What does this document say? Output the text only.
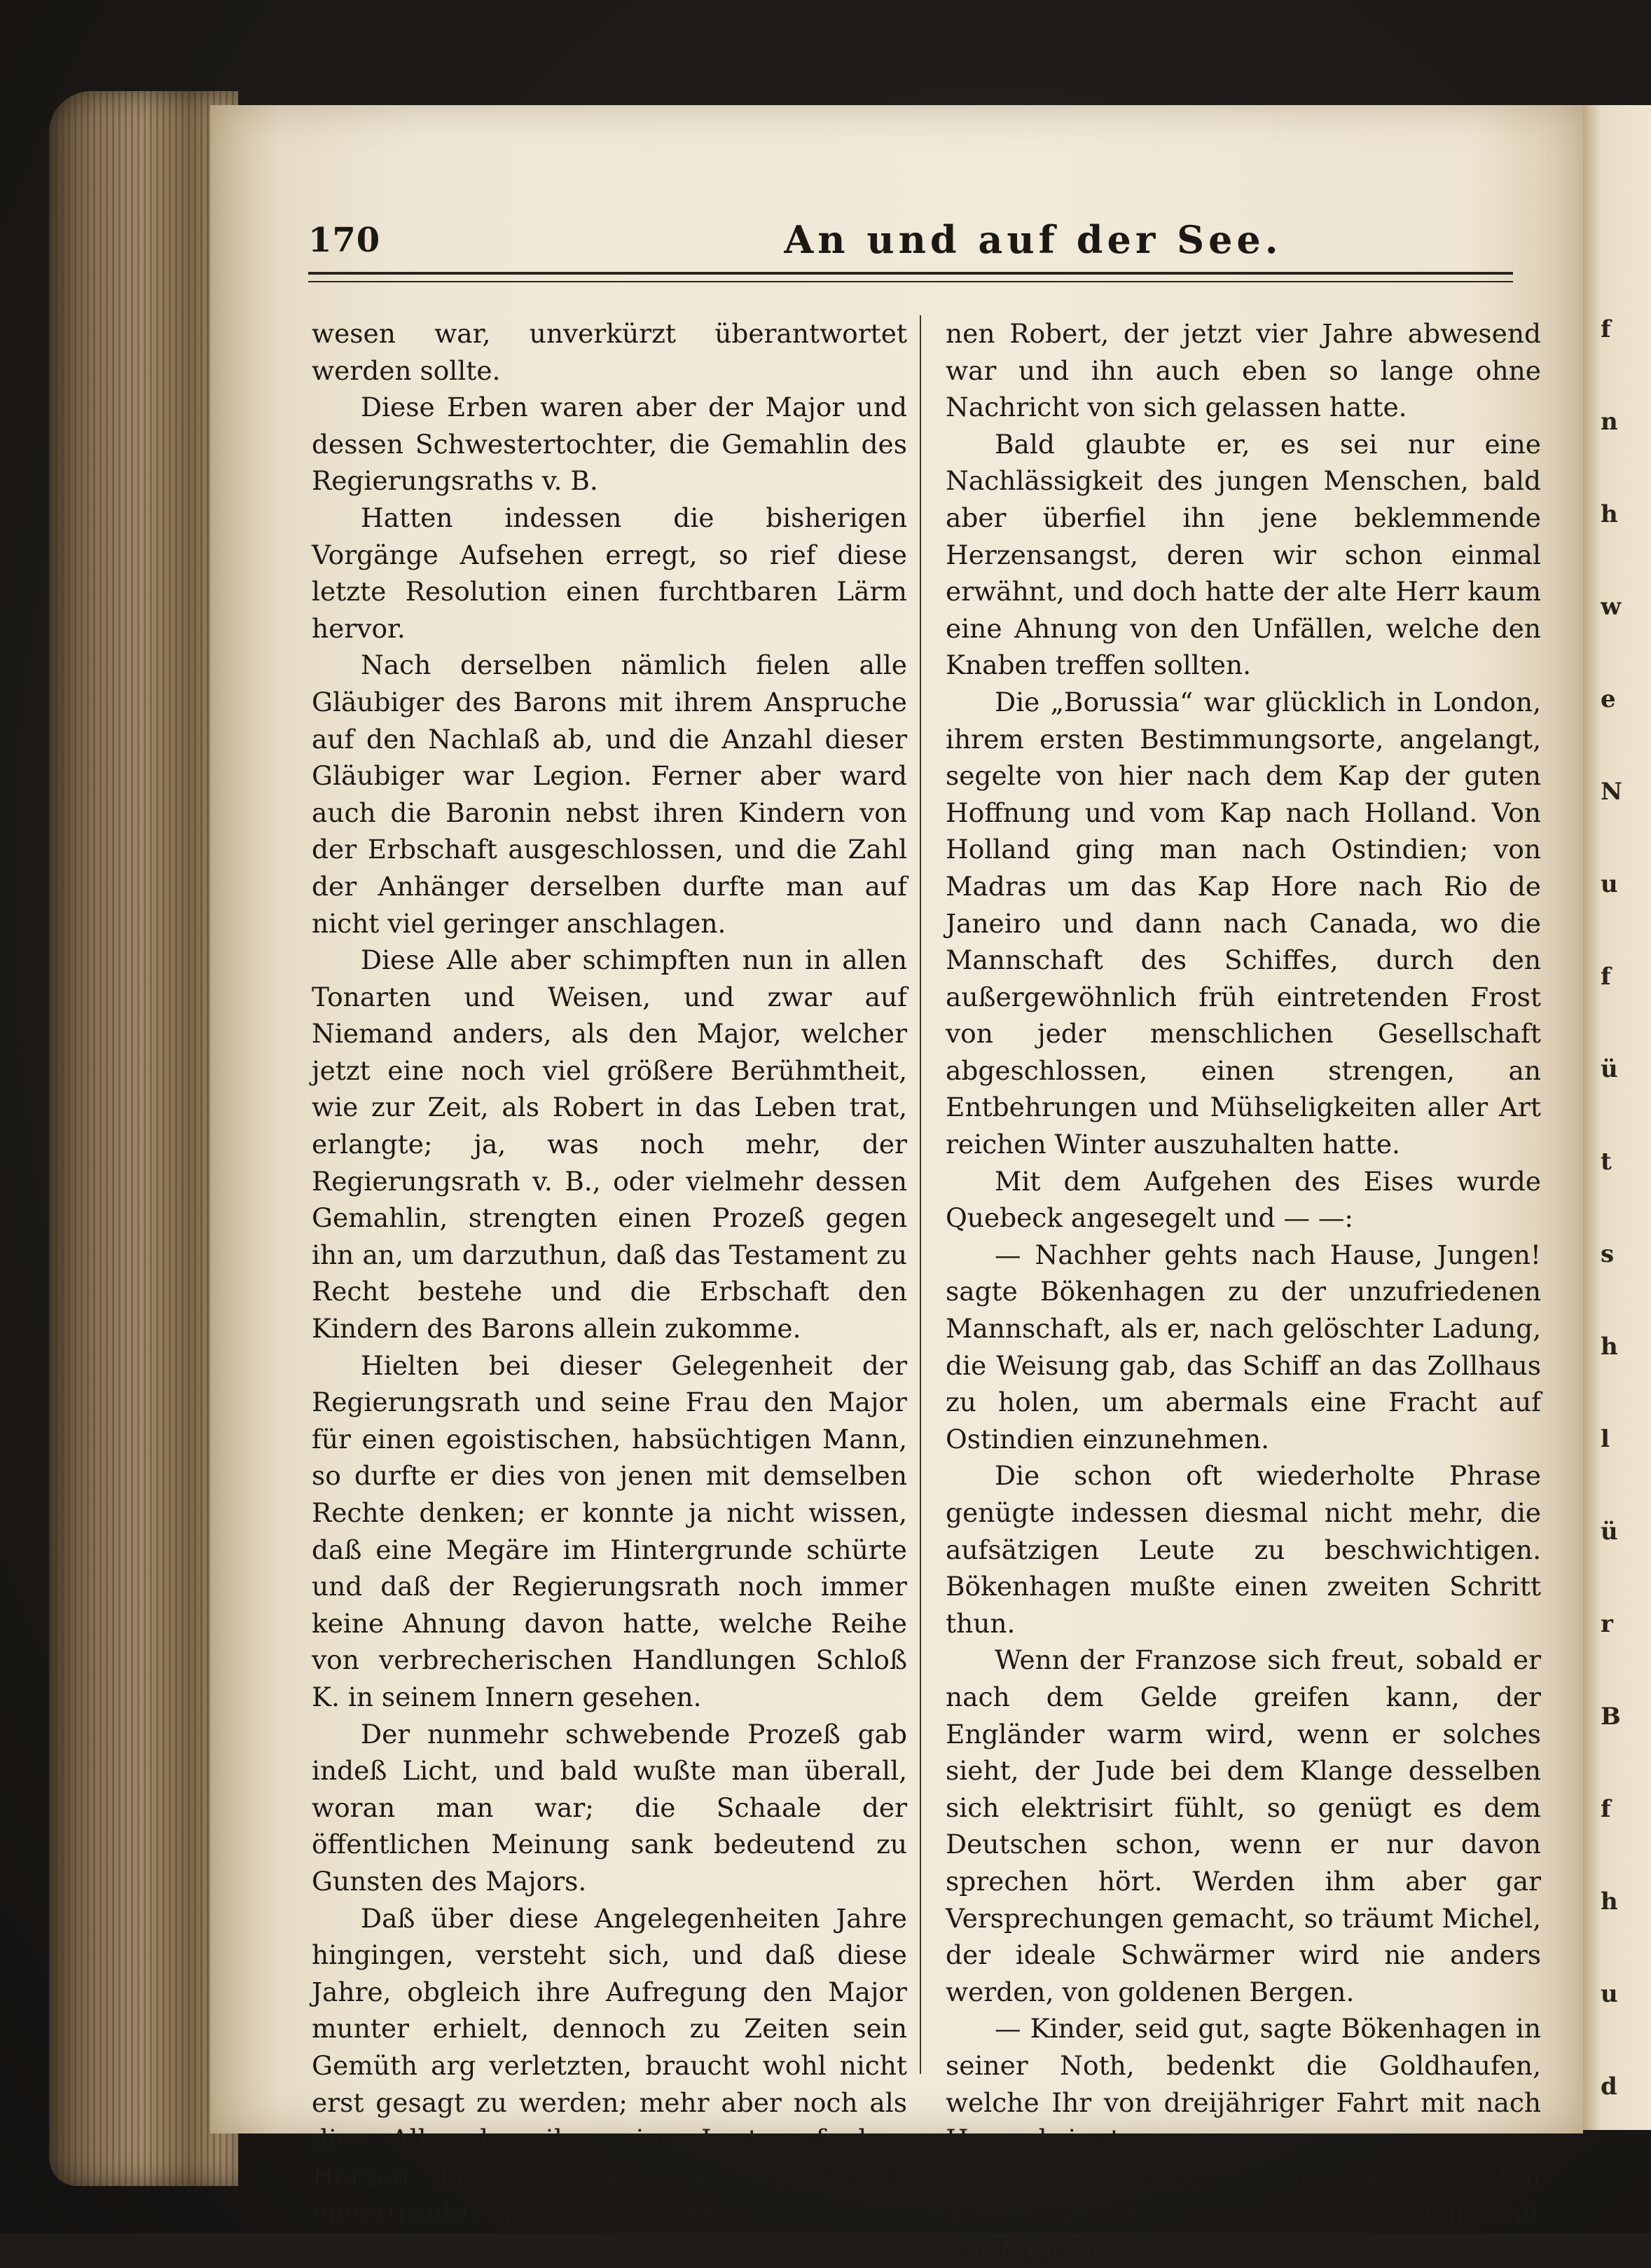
f
n
h
w
e
N
u
f
ü
t
s
h
l
ü
r
B
f
h
u
d
170	An und auf der See.

wesen war, unverkürzt überantwortet werden sollte.

Diese Erben waren aber der Major und dessen Schwestertochter, die Gemahlin des Regierungsraths v. B.

Hatten indessen die bisherigen Vorgänge Aufsehen erregt, so rief diese letzte Resolution einen furchtbaren Lärm hervor.

Nach derselben nämlich fielen alle Gläubiger des Barons mit ihrem Anspruche auf den Nachlaß ab, und die Anzahl dieser Gläubiger war Legion. Ferner aber ward auch die Baronin nebst ihren Kindern von der Erbschaft ausgeschlossen, und die Zahl der Anhänger derselben durfte man auf nicht viel geringer anschlagen.

Diese Alle aber schimpften nun in allen Tonarten und Weisen, und zwar auf Niemand anders, als den Major, welcher jetzt eine noch viel größere Berühmtheit, wie zur Zeit, als Robert in das Leben trat, erlangte; ja, was noch mehr, der Regierungsrath v. B., oder vielmehr dessen Gemahlin, strengten einen Prozeß gegen ihn an, um darzuthun, daß das Testament zu Recht bestehe und die Erbschaft den Kindern des Barons allein zukomme.

Hielten bei dieser Gelegenheit der Regierungsrath und seine Frau den Major für einen egoistischen, habsüchtigen Mann, so durfte er dies von jenen mit demselben Rechte denken; er konnte ja nicht wissen, daß eine Megäre im Hintergrunde schürte und daß der Regierungsrath noch immer keine Ahnung davon hatte, welche Reihe von verbrecherischen Handlungen Schloß K. in seinem Innern gesehen.

Der nunmehr schwebende Prozeß gab indeß Licht, und bald wußte man überall, woran man war; die Schaale der öffentlichen Meinung sank bedeutend zu Gunsten des Majors.

Daß über diese Angelegenheiten Jahre hingingen, versteht sich, und daß diese Jahre, obgleich ihre Aufregung den Major munter erhielt, dennoch zu Zeiten sein Gemüth arg verletzten, braucht wohl nicht erst gesagt zu werden; mehr aber noch als dies Alles lag ihm eine Last auf dem Herzen, die er Niemand anders als Wendt anvertraute: die Sorge um sei-

nen Robert, der jetzt vier Jahre abwesend war und ihn auch eben so lange ohne Nachricht von sich gelassen hatte.

Bald glaubte er, es sei nur eine Nachlässigkeit des jungen Menschen, bald aber überfiel ihn jene beklemmende Herzensangst, deren wir schon einmal erwähnt, und doch hatte der alte Herr kaum eine Ahnung von den Unfällen, welche den Knaben treffen sollten.

Die „Borussia“ war glücklich in London, ihrem ersten Bestimmungsorte, angelangt, segelte von hier nach dem Kap der guten Hoffnung und vom Kap nach Holland. Von Holland ging man nach Ostindien; von Madras um das Kap Hore nach Rio de Janeiro und dann nach Canada, wo die Mannschaft des Schiffes, durch den außergewöhnlich früh eintretenden Frost von jeder menschlichen Gesellschaft abgeschlossen, einen strengen, an Entbehrungen und Mühseligkeiten aller Art reichen Winter auszuhalten hatte.

Mit dem Aufgehen des Eises wurde Quebeck angesegelt und — —:

— Nachher gehts nach Hause, Jungen! sagte Bökenhagen zu der unzufriedenen Mannschaft, als er, nach gelöschter Ladung, die Weisung gab, das Schiff an das Zollhaus zu holen, um abermals eine Fracht auf Ostindien einzunehmen.

Die schon oft wiederholte Phrase genügte indessen diesmal nicht mehr, die aufsätzigen Leute zu beschwichtigen. Bökenhagen mußte einen zweiten Schritt thun.

Wenn der Franzose sich freut, sobald er nach dem Gelde greifen kann, der Engländer warm wird, wenn er solches sieht, der Jude bei dem Klange desselben sich elektrisirt fühlt, so genügt es dem Deutschen schon, wenn er nur davon sprechen hört. Werden ihm aber gar Versprechungen gemacht, so träumt Michel, der ideale Schwärmer wird nie anders werden, von goldenen Bergen.

— Kinder, seid gut, sagte Bökenhagen in seiner Noth, bedenkt die Goldhaufen, welche Ihr von dreijähriger Fahrt mit nach Hause bringt.

— Gott verdamm’, er hat Recht! meinten die Matrosen und machten sich mit verdoppelter
